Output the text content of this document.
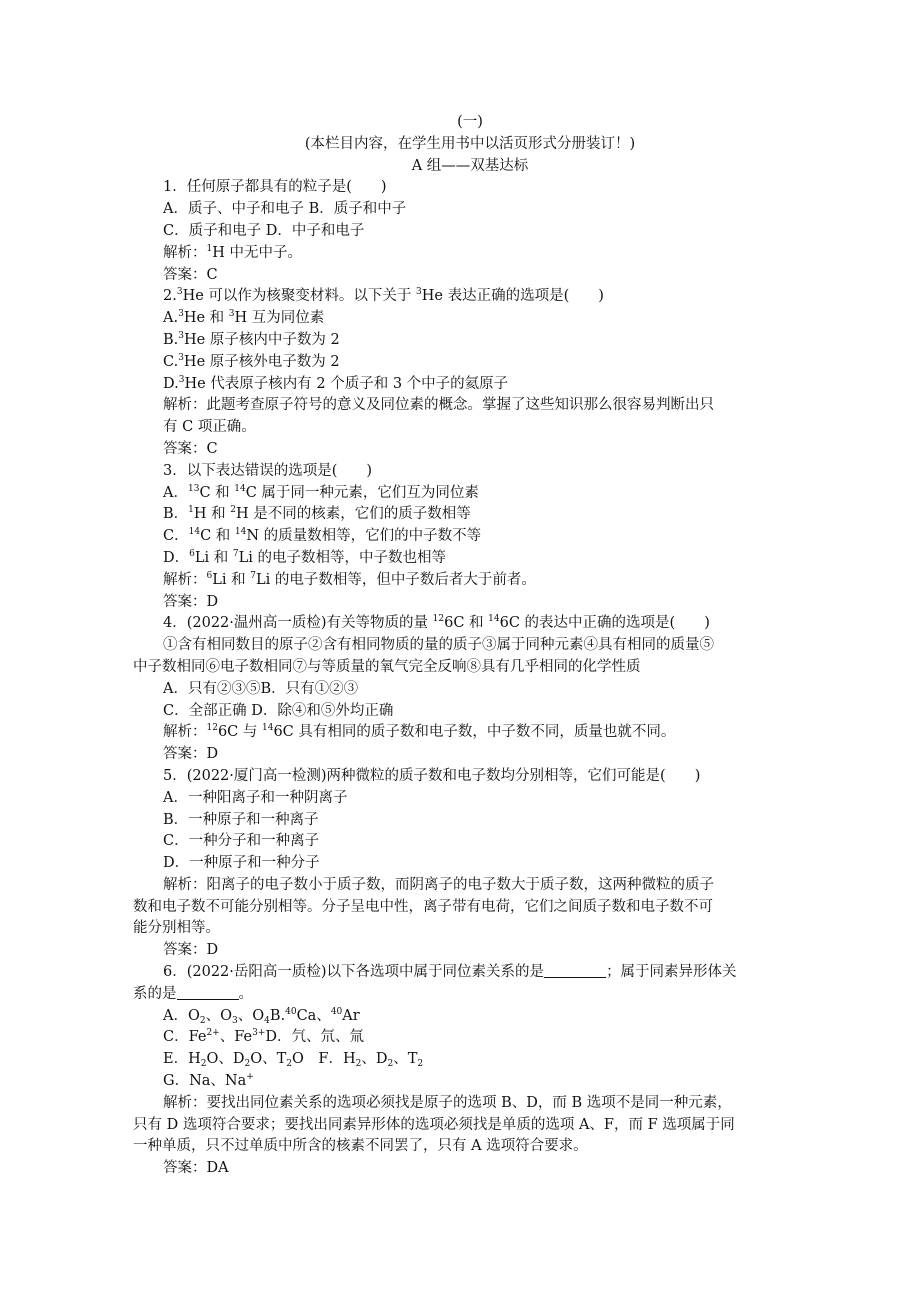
(一)
(本栏目内容，在学生用书中以活页形式分册装订！)
A 组——双基达标
1．任何原子都具有的粒子是(　　)
A．质子、中子和电子 B．质子和中子
C．质子和电子 D．中子和电子
解析：$^1$H 中无中子。
答案：C
2.$^3$He 可以作为核聚变材料。以下关于 $^3$He 表达正确的选项是(　　)
A.$^3$He 和 $^3$H 互为同位素
B.$^3$He 原子核内中子数为 2
C.$^3$He 原子核外电子数为 2
D.$^3$He 代表原子核内有 2 个质子和 3 个中子的氦原子
解析：此题考查原子符号的意义及同位素的概念。掌握了这些知识那么很容易判断出只
有 C 项正确。
答案：C
3．以下表达错误的选项是(　　)
A．$^{13}$C 和 $^{14}$C 属于同一种元素，它们互为同位素
B．$^1$H 和 $^2$H 是不同的核素，它们的质子数相等
C．$^{14}$C 和 $^{14}$N 的质量数相等，它们的中子数不等
D．$^6$Li 和 $^7$Li 的电子数相等，中子数也相等
解析：$^6$Li 和 $^7$Li 的电子数相等，但中子数后者大于前者。
答案：D
4．(2022·温州高一质检)有关等物质的量 $^{12}$6C 和 $^{14}$6C 的表达中正确的选项是(　　)
①含有相同数目的原子②含有相同物质的量的质子③属于同种元素④具有相同的质量⑤
中子数相同⑥电子数相同⑦与等质量的氧气完全反响⑧具有几乎相同的化学性质
A．只有②③⑤B．只有①②③
C．全部正确 D．除④和⑤外均正确
解析：$^{12}$6C 与 $^{14}$6C 具有相同的质子数和电子数，中子数不同，质量也就不同。
答案：D
5．(2022·厦门高一检测)两种微粒的质子数和电子数均分别相等，它们可能是(　　)
A．一种阳离子和一种阴离子
B．一种原子和一种离子
C．一种分子和一种离子
D．一种原子和一种分子
解析：阳离子的电子数小于质子数，而阴离子的电子数大于质子数，这两种微粒的质子
数和电子数不可能分别相等。分子呈电中性，离子带有电荷，它们之间质子数和电子数不可
能分别相等。
答案：D
6．(2022·岳阳高一质检)以下各选项中属于同位素关系的是	；属于同素异形体关
系的是	。
A．$O_2$、$O_3$、$O_4B.^{40}Ca$、$^{40}$Ar
C．$Fe^{2+}$、$Fe^{3+}D$．氕、氘、氚
E．$H_2O$、$D_2O$、$T_2O$　F．$H_2$、$D_2$、$T_2$
G．Na、Na+
解析：要找出同位素关系的选项必须找是原子的选项 B、D，而 B 选项不是同一种元素，
只有 D 选项符合要求；要找出同素异形体的选项必须找是单质的选项 A、F，而 F 选项属于同
一种单质，只不过单质中所含的核素不同罢了，只有 A 选项符合要求。
答案：DA
